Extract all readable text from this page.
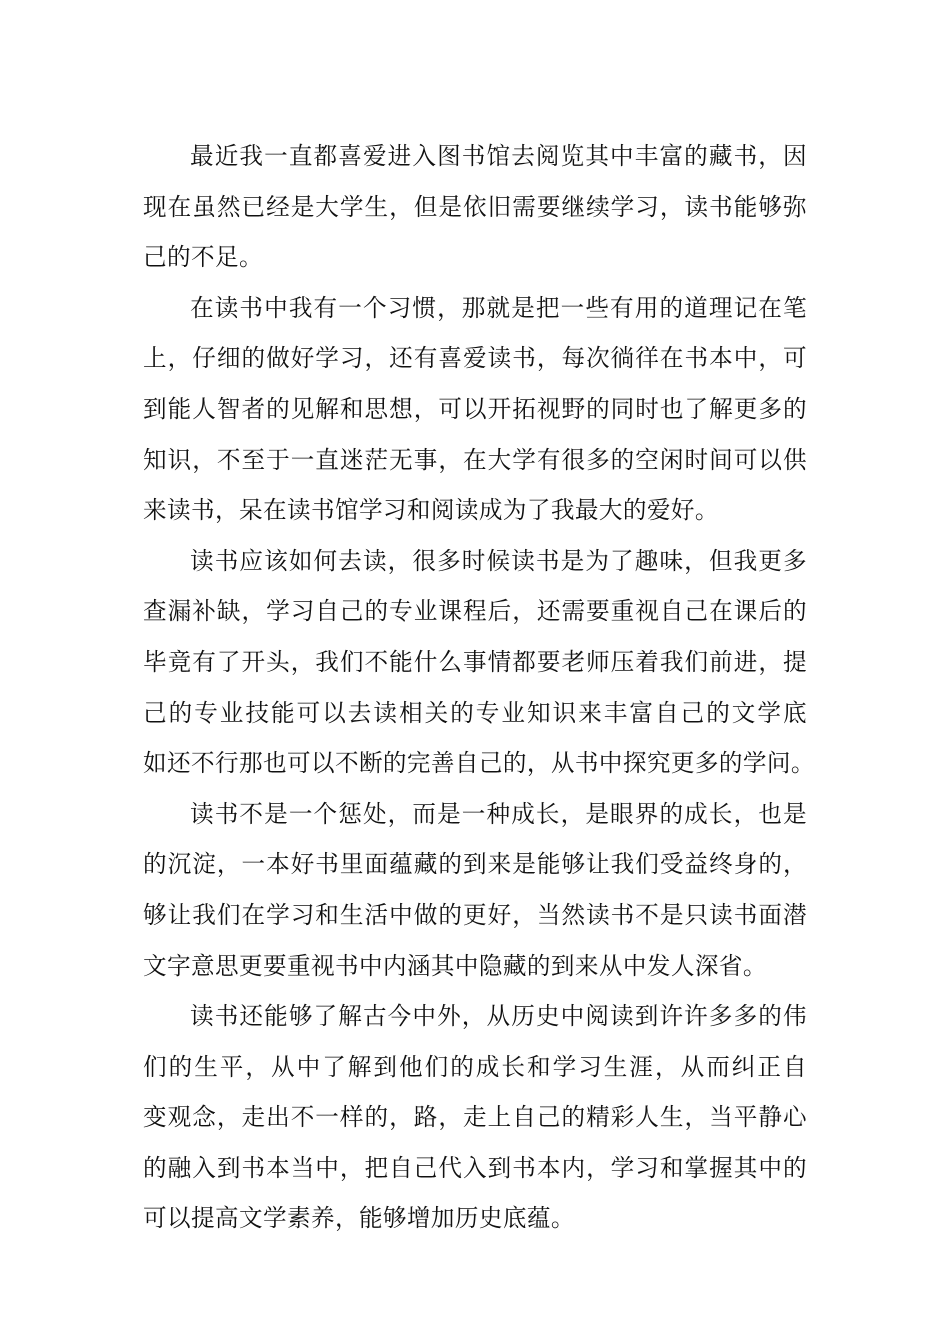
最近我一直都喜爱进入图书馆去阅览其中丰富的藏书，因
现在虽然已经是大学生，但是依旧需要继续学习，读书能够弥
己的不足。
在读书中我有一个习惯，那就是把一些有用的道理记在笔
上，仔细的做好学习，还有喜爱读书，每次徜徉在书本中，可
到能人智者的见解和思想，可以开拓视野的同时也了解更多的
知识，不至于一直迷茫无事，在大学有很多的空闲时间可以供
来读书，呆在读书馆学习和阅读成为了我最大的爱好。
读书应该如何去读，很多时候读书是为了趣味，但我更多
查漏补缺，学习自己的专业课程后，还需要重视自己在课后的
毕竟有了开头，我们不能什么事情都要老师压着我们前进，提
己的专业技能可以去读相关的专业知识来丰富自己的文学底
如还不行那也可以不断的完善自己的，从书中探究更多的学问。
读书不是一个惩处，而是一种成长，是眼界的成长，也是
的沉淀，一本好书里面蕴藏的到来是能够让我们受益终身的，
够让我们在学习和生活中做的更好，当然读书不是只读书面潜
文字意思更要重视书中内涵其中隐藏的到来从中发人深省。
读书还能够了解古今中外，从历史中阅读到许许多多的伟
们的生平，从中了解到他们的成长和学习生涯，从而纠正自
变观念，走出不一样的，路，走上自己的精彩人生，当平静心
的融入到书本当中，把自己代入到书本内，学习和掌握其中的
可以提高文学素养，能够增加历史底蕴。
